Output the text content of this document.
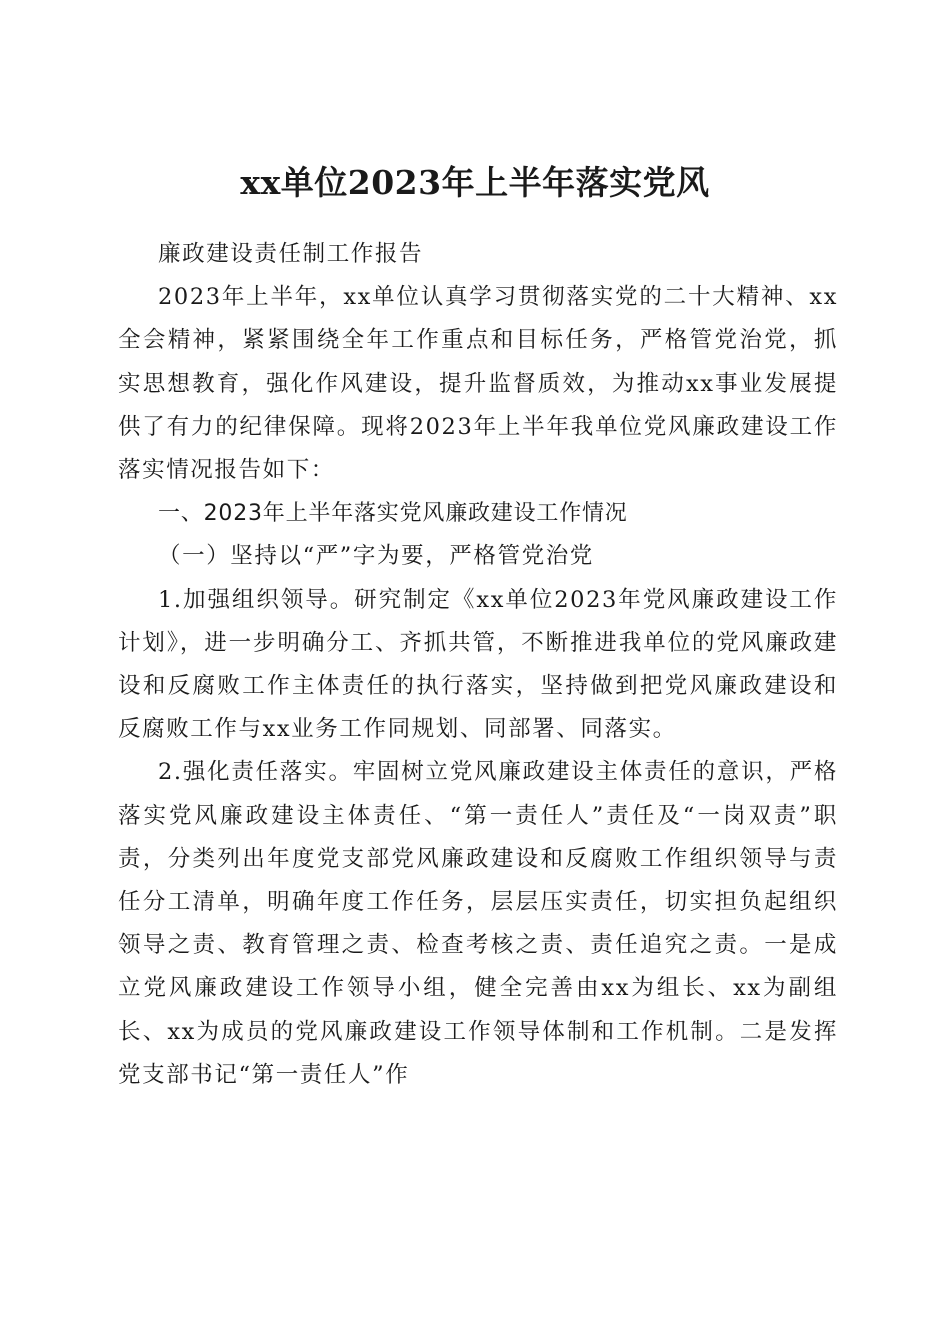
xx单位2023年上半年落实党风

廉政建设责任制工作报告

2023年上半年，xx单位认真学习贯彻落实党的二十大精神、xx全会精神，紧紧围绕全年工作重点和目标任务，严格管党治党，抓实思想教育，强化作风建设，提升监督质效，为推动xx事业发展提供了有力的纪律保障。现将2023年上半年我单位党风廉政建设工作落实情况报告如下：

一、2023年上半年落实党风廉政建设工作情况
（一）坚持以“严”字为要，严格管党治党

1.加强组织领导。研究制定《xx单位2023年党风廉政建设工作计划》，进一步明确分工、齐抓共管，不断推进我单位的党风廉政建设和反腐败工作主体责任的执行落实，坚持做到把党风廉政建设和反腐败工作与xx业务工作同规划、同部署、同落实。

2.强化责任落实。牢固树立党风廉政建设主体责任的意识，严格落实党风廉政建设主体责任、“第一责任人”责任及“一岗双责”职责，分类列出年度党支部党风廉政建设和反腐败工作组织领导与责任分工清单，明确年度工作任务，层层压实责任，切实担负起组织领导之责、教育管理之责、检查考核之责、责任追究之责。一是成立党风廉政建设工作领导小组，健全完善由xx为组长、xx为副组长、xx为成员的党风廉政建设工作领导体制和工作机制。二是发挥党支部书记“第一责任人”作
